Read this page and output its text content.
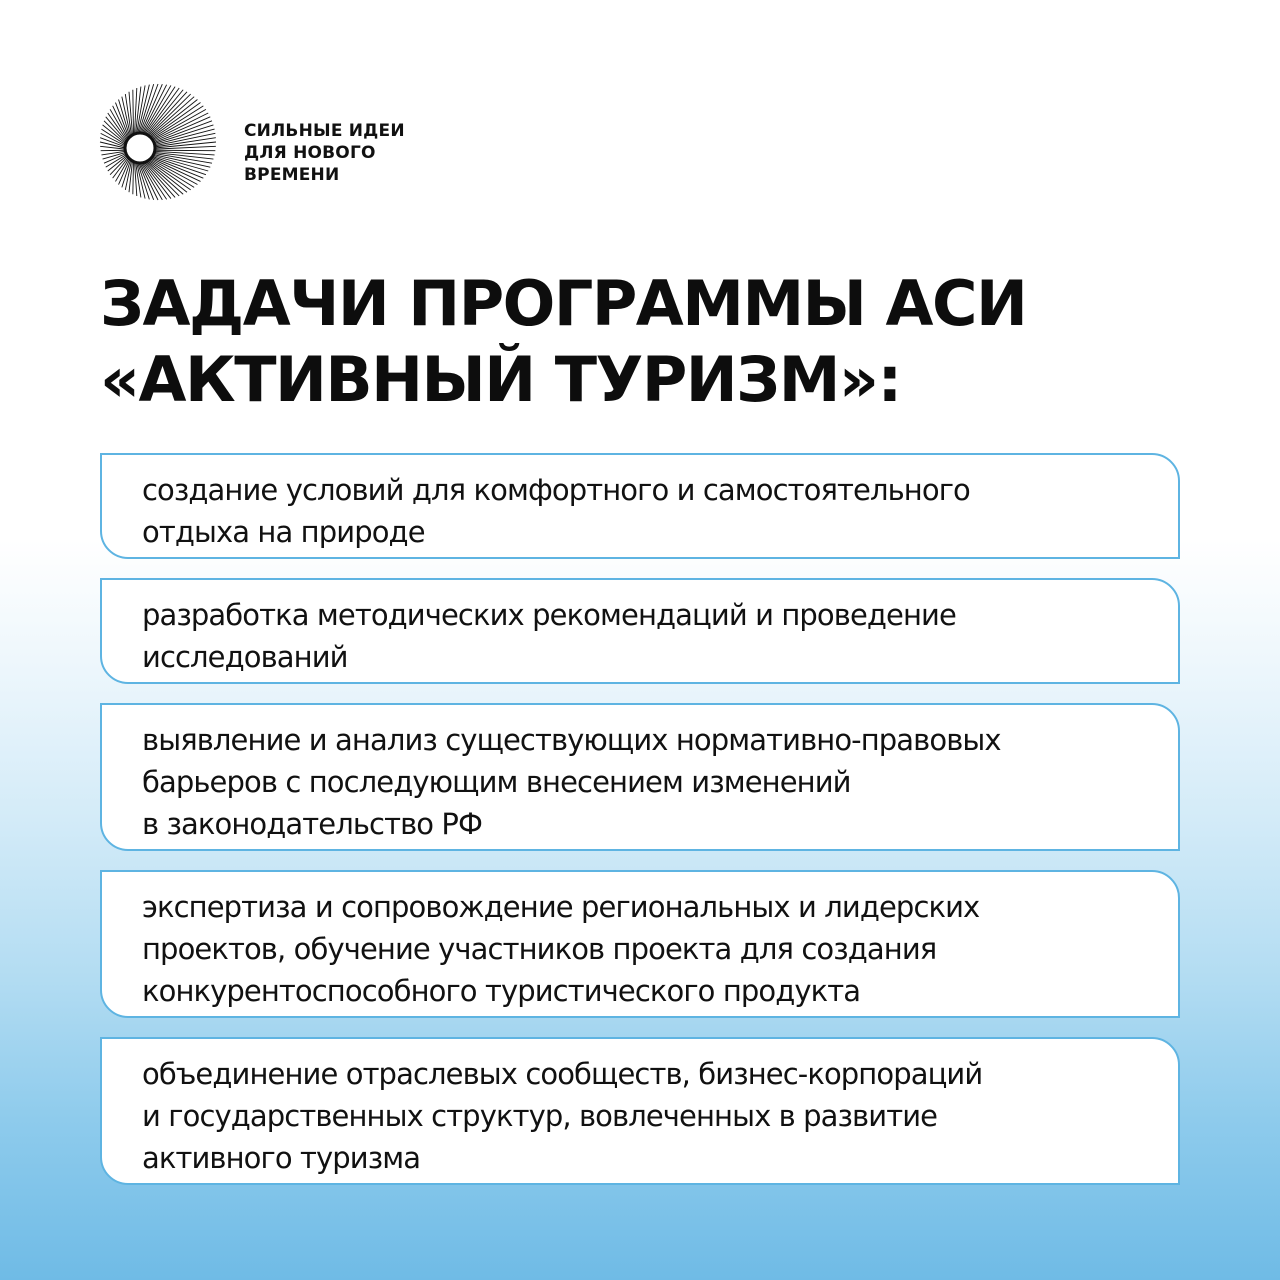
СИЛЬНЫЕ ИДЕИ
ДЛЯ НОВОГО
ВРЕМЕНИ
ЗАДАЧИ ПРОГРАММЫ АСИ
«АКТИВНЫЙ ТУРИЗМ»:
создание условий для комфортного и самостоятельного
отдыха на природе
разработка методических рекомендаций и проведение
исследований
выявление и анализ существующих нормативно-правовых
барьеров с последующим внесением изменений
в законодательство РФ
экспертиза и сопровождение региональных и лидерских
проектов, обучение участников проекта для создания
конкурентоспособного туристического продукта
объединение отраслевых сообществ, бизнес-корпораций
и государственных структур, вовлеченных в развитие
активного туризма
